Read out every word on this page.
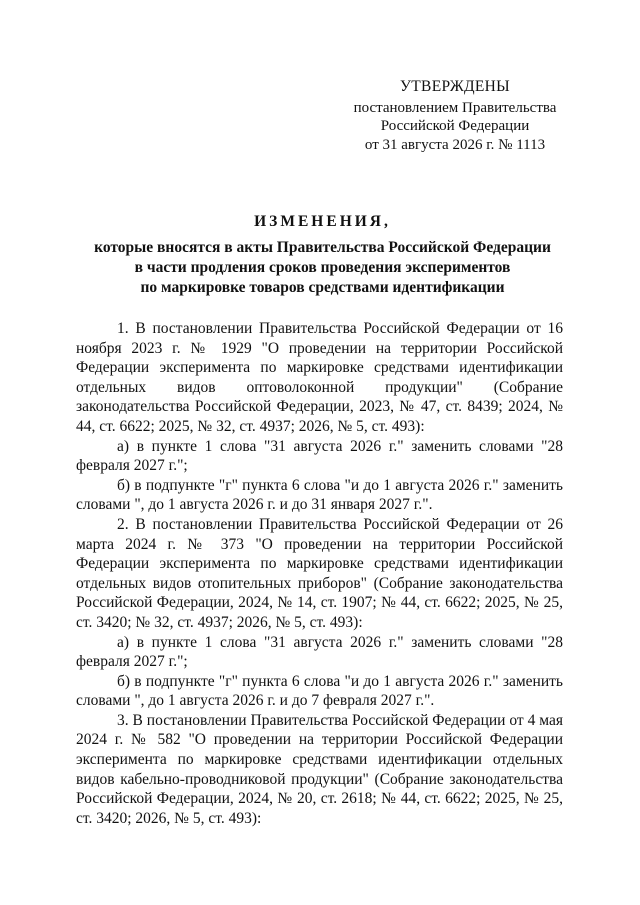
УТВЕРЖДЕНЫ
постановлением Правительства
Российской Федерации
от 31 августа 2026 г. № 1113
ИЗМЕНЕНИЯ,
которые вносятся в акты Правительства Российской Федерации
в части продления сроков проведения экспериментов
по маркировке товаров средствами идентификации

1. В постановлении Правительства Российской Федерации от 16 ноября 2023 г. № 1929 "О проведении на территории Российской Федерации эксперимента по маркировке средствами идентификации отдельных видов оптоволоконной продукции" (Собрание законодательства Российской Федерации, 2023, № 47, ст. 8439; 2024, № 44, ст. 6622; 2025, № 32, ст. 4937; 2026, № 5, ст. 493):

а) в пункте 1 слова "31 августа 2026 г." заменить словами "28 февраля 2027 г.";

б) в подпункте "г" пункта 6 слова "и до 1 августа 2026 г." заменить словами ", до 1 августа 2026 г. и до 31 января 2027 г.".

2. В постановлении Правительства Российской Федерации от 26 марта 2024 г. № 373 "О проведении на территории Российской Федерации эксперимента по маркировке средствами идентификации отдельных видов отопительных приборов" (Собрание законодательства Российской Федерации, 2024, № 14, ст. 1907; № 44, ст. 6622; 2025, № 25, ст. 3420; № 32, ст. 4937; 2026, № 5, ст. 493):

а) в пункте 1 слова "31 августа 2026 г." заменить словами "28 февраля 2027 г.";

б) в подпункте "г" пункта 6 слова "и до 1 августа 2026 г." заменить словами ", до 1 августа 2026 г. и до 7 февраля 2027 г.".

3. В постановлении Правительства Российской Федерации от 4 мая 2024 г. № 582 "О проведении на территории Российской Федерации эксперимента по маркировке средствами идентификации отдельных видов кабельно-проводниковой продукции" (Собрание законодательства Российской Федерации, 2024, № 20, ст. 2618; № 44, ст. 6622; 2025, № 25, ст. 3420; 2026, № 5, ст. 493):
